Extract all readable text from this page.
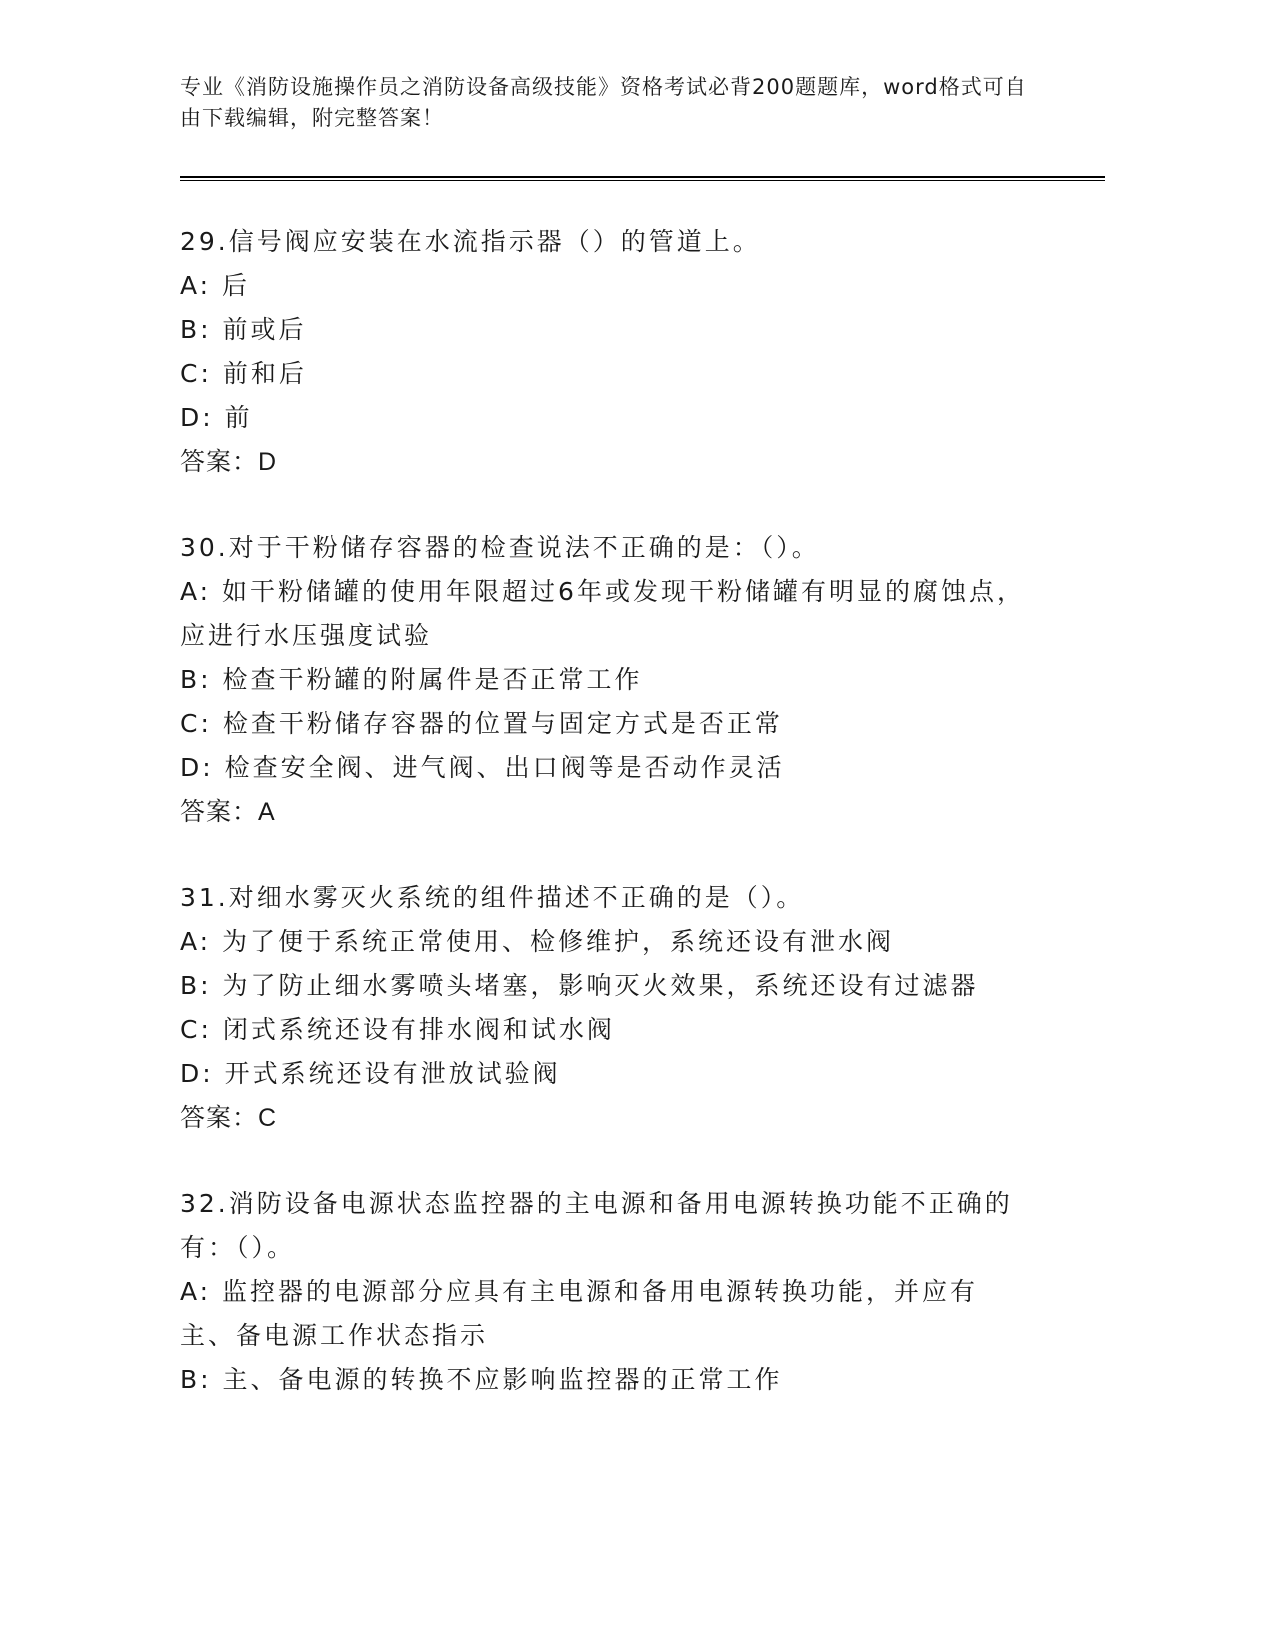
专业《消防设施操作员之消防设备高级技能》资格考试必背200题题库，word格式可自由下载编辑，附完整答案！
29.信号阀应安装在水流指示器（）的管道上。
A: 后
B: 前或后
C: 前和后
D: 前
答案：D
30.对于干粉储存容器的检查说法不正确的是：（）。
A: 如干粉储罐的使用年限超过6年或发现干粉储罐有明显的腐蚀点，应进行水压强度试验
B: 检查干粉罐的附属件是否正常工作
C: 检查干粉储存容器的位置与固定方式是否正常
D: 检查安全阀、进气阀、出口阀等是否动作灵活
答案：A
31.对细水雾灭火系统的组件描述不正确的是（）。
A: 为了便于系统正常使用、检修维护，系统还设有泄水阀
B: 为了防止细水雾喷头堵塞，影响灭火效果，系统还设有过滤器
C: 闭式系统还设有排水阀和试水阀
D: 开式系统还设有泄放试验阀
答案：C
32.消防设备电源状态监控器的主电源和备用电源转换功能不正确的有：（）。
A: 监控器的电源部分应具有主电源和备用电源转换功能，并应有主、备电源工作状态指示
B: 主、备电源的转换不应影响监控器的正常工作
